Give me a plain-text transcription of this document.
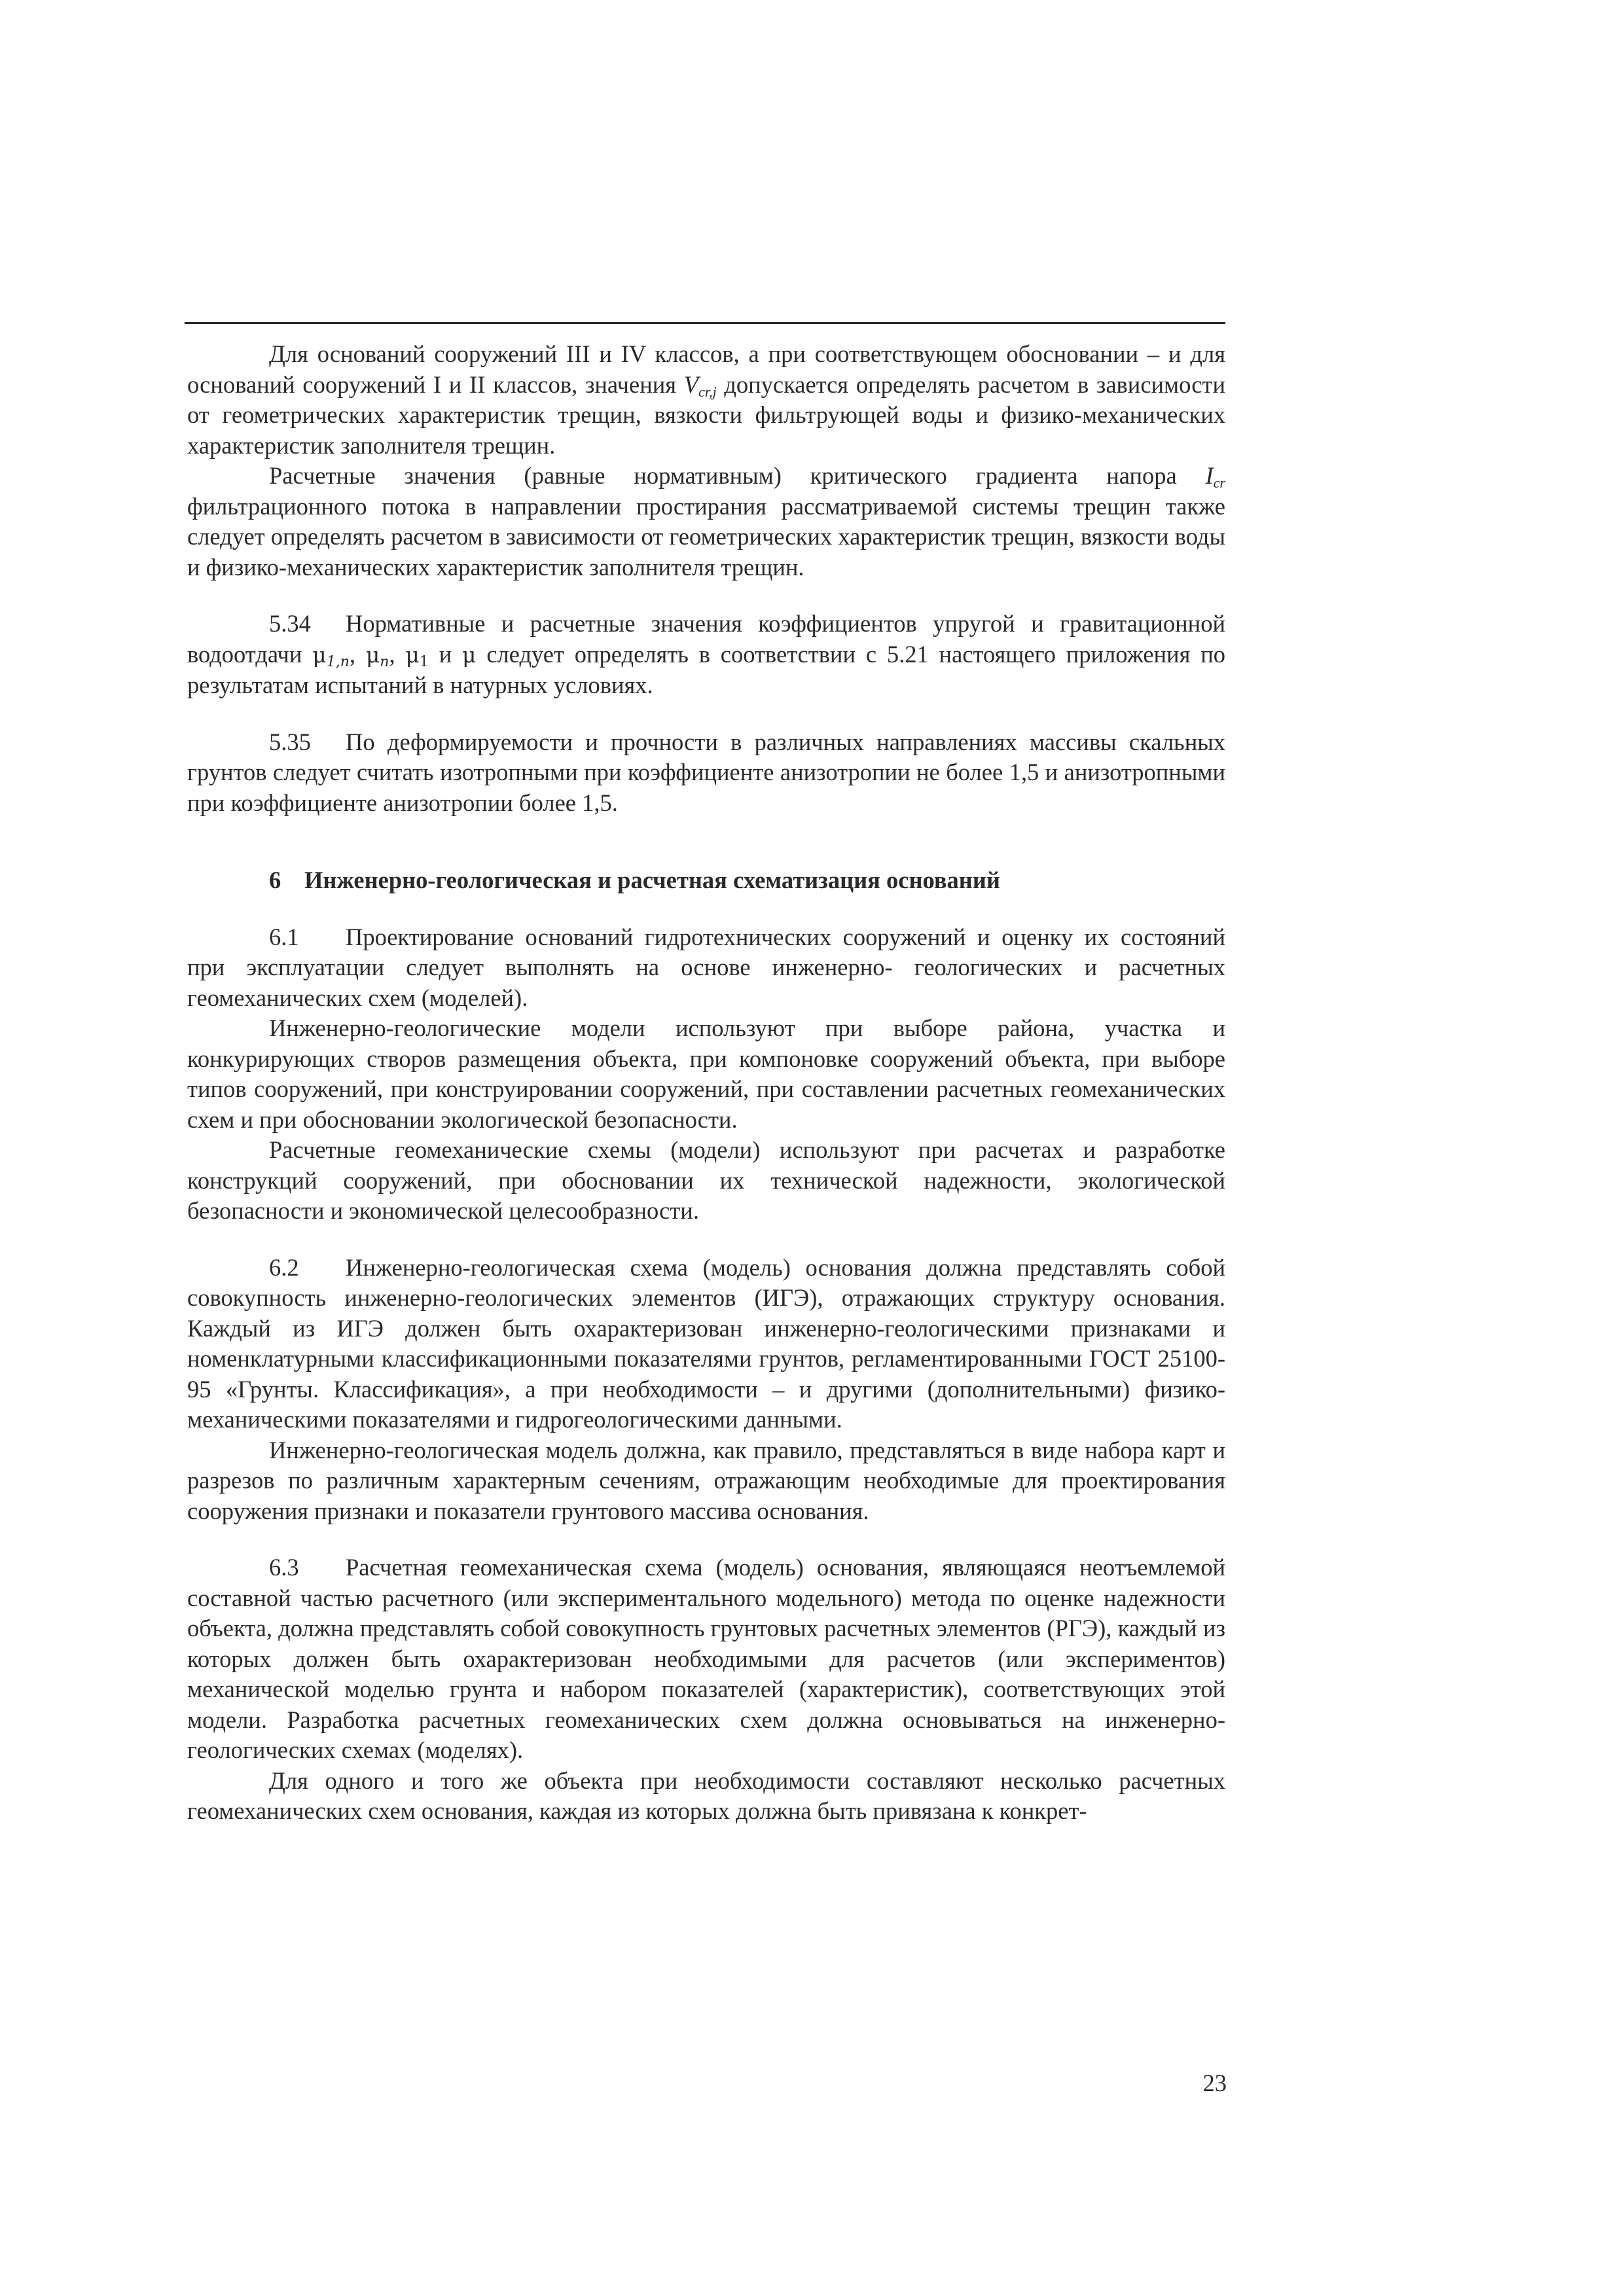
Для оснований сооружений III и IV классов, а при соответствующем обосновании – и для оснований сооружений I и II классов, значения $V_{cr,j}$ допускается определять расчетом в зависимости от геометрических характеристик трещин, вязкости фильтрующей воды и физико-механических характеристик заполнителя трещин.

Расчетные значения (равные нормативным) критического градиента напора $I_{cr}$ фильтрационного потока в направлении простирания рассматриваемой системы трещин также следует определять расчетом в зависимости от геометрических характеристик трещин, вязкости воды и физико-механических характеристик заполнителя трещин.

5.34 Нормативные и расчетные значения коэффициентов упругой и гравитационной водоотдачи $\mu_{1,n}$, $\mu_n$, $\mu_1$ и μ следует определять в соответствии с 5.21 настоящего приложения по результатам испытаний в натурных условиях.

5.35 По деформируемости и прочности в различных направлениях массивы скальных грунтов следует считать изотропными при коэффициенте анизотропии не более 1,5 и анизотропными при коэффициенте анизотропии более 1,5.

6 Инженерно-геологическая и расчетная схематизация оснований

6.1 Проектирование оснований гидротехнических сооружений и оценку их состояний при эксплуатации следует выполнять на основе инженерно- геологических и расчетных геомеханических схем (моделей).

Инженерно-геологические модели используют при выборе района, участка и конкурирующих створов размещения объекта, при компоновке сооружений объекта, при выборе типов сооружений, при конструировании сооружений, при составлении расчетных геомеханических схем и при обосновании экологической безопасности.

Расчетные геомеханические схемы (модели) используют при расчетах и разработке конструкций сооружений, при обосновании их технической надежности, экологической безопасности и экономической целесообразности.

6.2 Инженерно-геологическая схема (модель) основания должна представлять собой совокупность инженерно-геологических элементов (ИГЭ), отражающих структуру основания. Каждый из ИГЭ должен быть охарактеризован инженерно-геологическими признаками и номенклатурными классификационными показателями грунтов, регламентированными ГОСТ 25100-95 «Грунты. Классификация», а при необходимости – и другими (дополнительными) физико-механическими показателями и гидрогеологическими данными.

Инженерно-геологическая модель должна, как правило, представляться в виде набора карт и разрезов по различным характерным сечениям, отражающим необходимые для проектирования сооружения признаки и показатели грунтового массива основания.

6.3 Расчетная геомеханическая схема (модель) основания, являющаяся неотъемлемой составной частью расчетного (или экспериментального модельного) метода по оценке надежности объекта, должна представлять собой совокупность грунтовых расчетных элементов (РГЭ), каждый из которых должен быть охарактеризован необходимыми для расчетов (или экспериментов) механической моделью грунта и набором показателей (характеристик), соответствующих этой модели. Разработка расчетных геомеханических схем должна основываться на инженерно-геологических схемах (моделях).

Для одного и того же объекта при необходимости составляют несколько расчетных геомеханических схем основания, каждая из которых должна быть привязана к конкрет-

23
